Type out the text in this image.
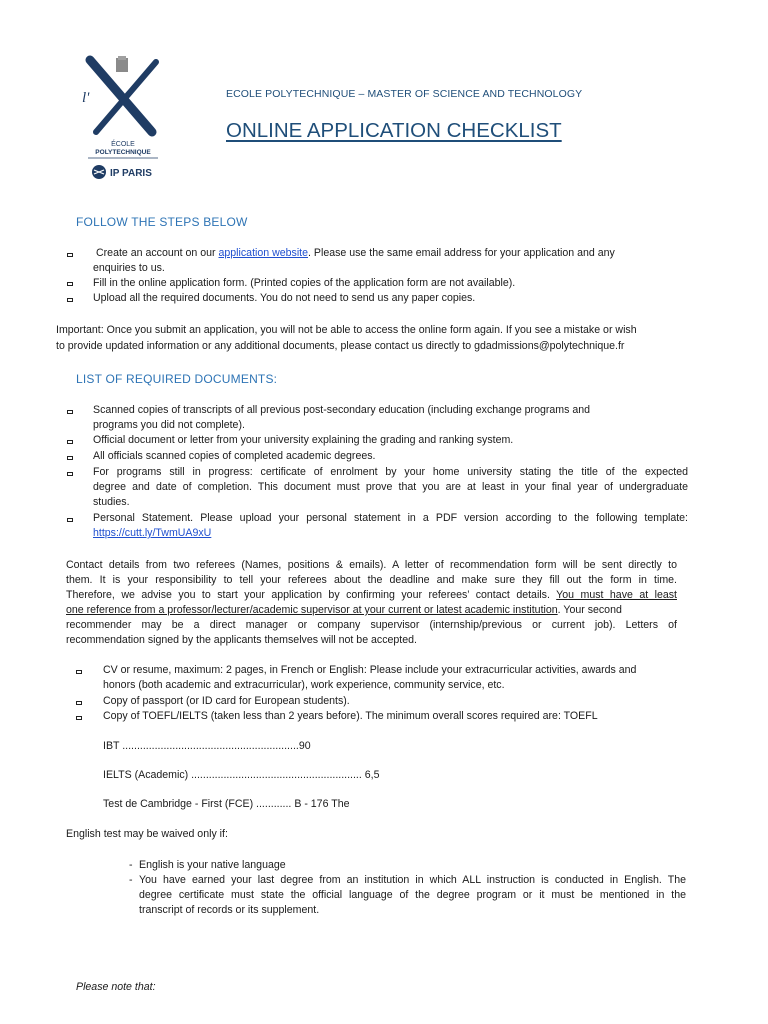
l'
ÉCOLE
POLYTECHNIQUE
IP PARIS
ECOLE POLYTECHNIQUE – MASTER OF SCIENCE AND TECHNOLOGY
ONLINE APPLICATION CHECKLIST
FOLLOW THE STEPS BELOW
Create an account on our application website. Please use the same email address for your application and any
enquiries to us.
Fill in the online application form. (Printed copies of the application form are not available).
Upload all the required documents. You do not need to send us any paper copies.
Important: Once you submit an application, you will not be able to access the online form again. If you see a mistake or wish
to provide updated information or any additional documents, please contact us directly to gdadmissions@polytechnique.fr
LIST OF REQUIRED DOCUMENTS:
Scanned copies of transcripts of all previous post-secondary education (including exchange programs and
programs you did not complete).
Official document or letter from your university explaining the grading and ranking system.
All officials scanned copies of completed academic degrees.
For programs still in progress: certificate of enrolment by your home university stating the title of the expected
degree and date of completion. This document must prove that you are at least in your final year of undergraduate
studies.
Personal Statement. Please upload your personal statement in a PDF version according to the following template:
https://cutt.ly/TwmUA9xU
Contact details from two referees (Names, positions & emails). A letter of recommendation form will be sent directly to
them. It is your responsibility to tell your referees about the deadline and make sure they fill out the form in time.
Therefore, we advise you to start your application by confirming your referees’ contact details. You must have at least
one reference from a professor/lecturer/academic supervisor at your current or latest academic institution. Your second
recommender may be a direct manager or company supervisor (internship/previous or current job). Letters of
recommendation signed by the applicants themselves will not be accepted.
CV or resume, maximum: 2 pages, in French or English: Please include your extracurricular activities, awards and
honors (both academic and extracurricular), work experience, community service, etc.
Copy of passport (or ID card for European students).
Copy of TOEFL/IELTS (taken less than 2 years before). The minimum overall scores required are: TOEFL
IBT ............................................................90
IELTS (Academic) .......................................................... 6,5
Test de Cambridge - First (FCE) ............ B - 176 The
English test may be waived only if:
- English is your native language
- You have earned your last degree from an institution in which ALL instruction is conducted in English. The
degree certificate must state the official language of the degree program or it must be mentioned in the
transcript of records or its supplement.
Please note that:
